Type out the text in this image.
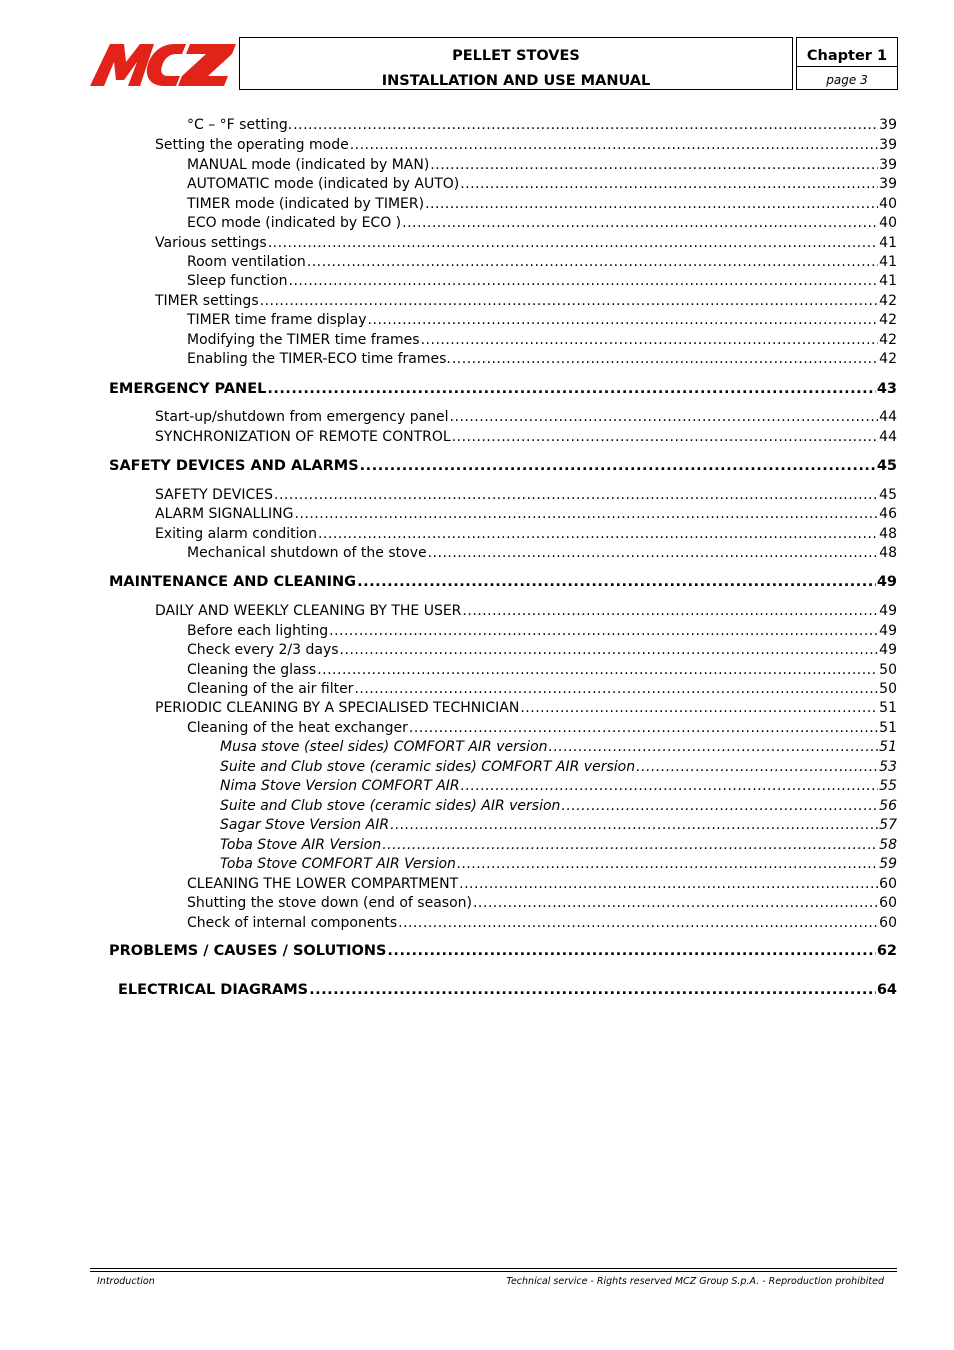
PELLET STOVES
INSTALLATION AND USE MANUAL
Chapter 1
page 3
°C – °F setting. .....	39
Setting the operating mode .....	39
MANUAL mode (indicated by MAN) .....	39
AUTOMATIC mode (indicated by AUTO) .....	39
TIMER mode (indicated by TIMER) .....	40
ECO mode (indicated by ECO ) .....	40
Various settings .....	41
Room ventilation .....	41
Sleep function .....	41
TIMER settings .....	42
TIMER time frame display .....	42
Modifying the TIMER time frames .....	42
Enabling the TIMER-ECO time frames. .....	42
EMERGENCY PANEL .....	43
Start-up/shutdown from emergency panel .....	44
SYNCHRONIZATION OF REMOTE CONTROL .....	44
SAFETY DEVICES AND ALARMS .....	45
SAFETY DEVICES .....	45
ALARM SIGNALLING .....	46
Exiting alarm condition .....	48
Mechanical shutdown of the stove .....	48
MAINTENANCE AND CLEANING .....	49
DAILY AND WEEKLY CLEANING BY THE USER .....	49
Before each lighting .....	49
Check every 2/3 days .....	49
Cleaning the glass .....	50
Cleaning of the air filter .....	50
PERIODIC CLEANING BY A SPECIALISED TECHNICIAN .....	51
Cleaning of the heat exchanger .....	51
Musa stove (steel sides) COMFORT AIR version .....	51
Suite and Club stove (ceramic sides) COMFORT AIR version .....	53
Nima Stove Version COMFORT AIR .....	55
Suite and Club stove (ceramic sides) AIR version .....	56
Sagar Stove Version AIR .....	57
Toba Stove AIR Version .....	58
Toba Stove COMFORT AIR Version .....	59
CLEANING THE LOWER COMPARTMENT .....	60
Shutting the stove down (end of season) .....	60
Check of internal components .....	60
PROBLEMS / CAUSES / SOLUTIONS .....	62
ELECTRICAL DIAGRAMS .....	64
Introduction	Technical service - Rights reserved MCZ Group S.p.A. - Reproduction prohibited
